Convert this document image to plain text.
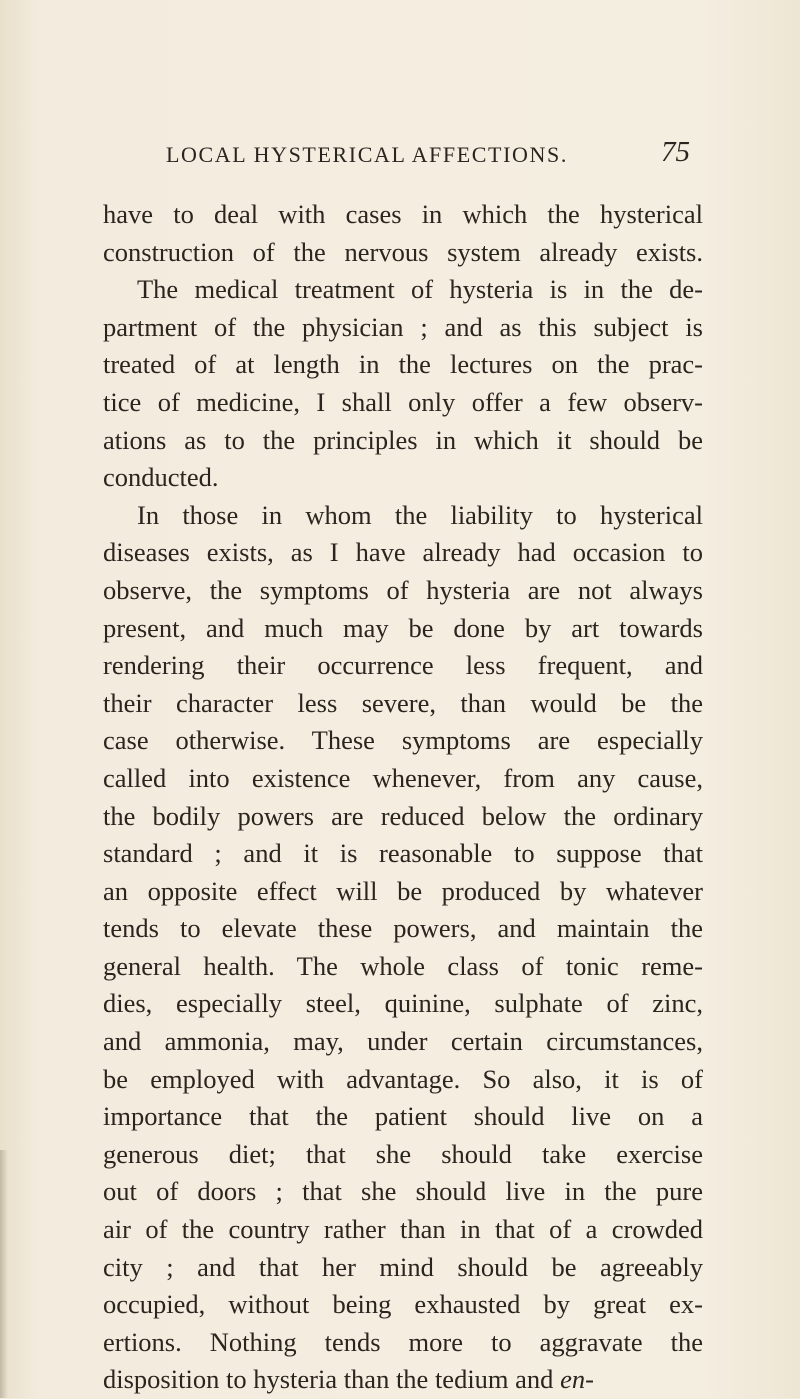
LOCAL HYSTERICAL AFFECTIONS.	75
have to deal with cases in which the hysterical
construction of the nervous system already exists.
The medical treatment of hysteria is in the de-
partment of the physician ; and as this subject is
treated of at length in the lectures on the prac-
tice of medicine, I shall only offer a few observ-
ations as to the principles in which it should be
conducted.
In those in whom the liability to hysterical
diseases exists, as I have already had occasion to
observe, the symptoms of hysteria are not always
present, and much may be done by art towards
rendering their occurrence less frequent, and
their character less severe, than would be the
case otherwise. These symptoms are especially
called into existence whenever, from any cause,
the bodily powers are reduced below the ordinary
standard ; and it is reasonable to suppose that
an opposite effect will be produced by whatever
tends to elevate these powers, and maintain the
general health. The whole class of tonic reme-
dies, especially steel, quinine, sulphate of zinc,
and ammonia, may, under certain circumstances,
be employed with advantage. So also, it is of
importance that the patient should live on a
generous diet; that she should take exercise
out of doors ; that she should live in the pure
air of the country rather than in that of a crowded
city ; and that her mind should be agreeably
occupied, without being exhausted by great ex-
ertions. Nothing tends more to aggravate the
disposition to hysteria than the tedium and en-
